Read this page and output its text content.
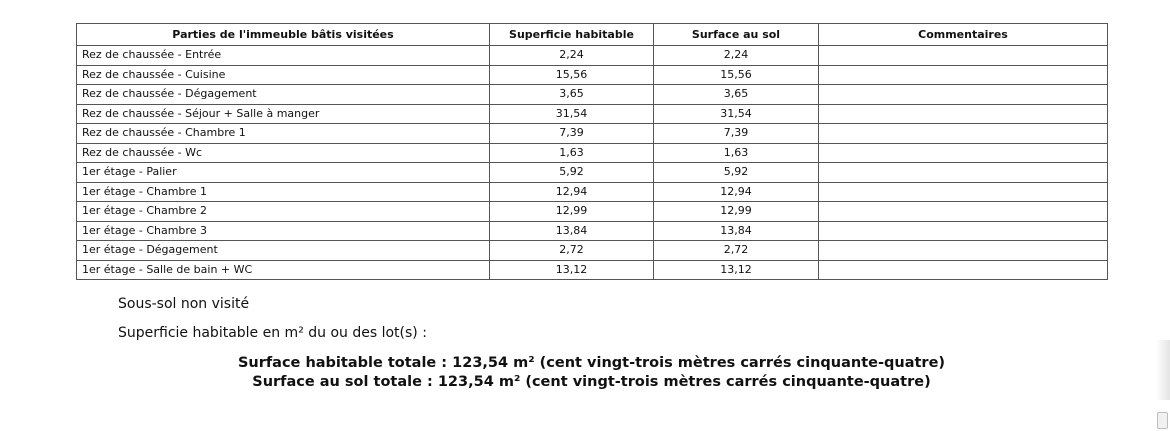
Parties de l'immeuble bâtis visitées	Superficie habitable	Surface au sol	Commentaires
Rez de chaussée - Entrée	2,24	2,24	
Rez de chaussée - Cuisine	15,56	15,56	
Rez de chaussée - Dégagement	3,65	3,65	
Rez de chaussée - Séjour + Salle à manger	31,54	31,54	
Rez de chaussée - Chambre 1	7,39	7,39	
Rez de chaussée - Wc	1,63	1,63	
1er étage - Palier	5,92	5,92	
1er étage - Chambre 1	12,94	12,94	
1er étage - Chambre 2	12,99	12,99	
1er étage - Chambre 3	13,84	13,84	
1er étage - Dégagement	2,72	2,72	
1er étage - Salle de bain + WC	13,12	13,12	
Sous-sol non visité
Superficie habitable en m² du ou des lot(s) :
Surface habitable totale : 123,54 m² (cent vingt-trois mètres carrés cinquante-quatre)
Surface au sol totale : 123,54 m² (cent vingt-trois mètres carrés cinquante-quatre)
